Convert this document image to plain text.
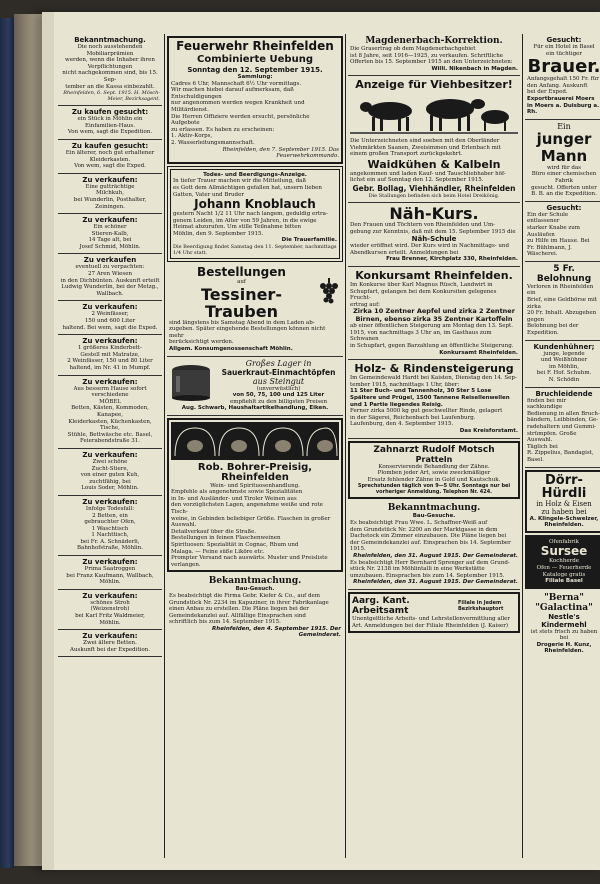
Bekanntmachung.
Die noch ausstehenden
Mobiliarprämien
werden, wenn die Inhaber ihren Verpflichtungen
nicht nachgekommen sind, bis 15. Sep-
tember an die Kassa einbezahlt.
Rheinfelden, 6. Sept. 1915. H. Mösch-Meier, Bezirksagent.
Zu kaufen gesucht:
ein Stück in Möhlin ein
Einfamilien-Haus.
Von wem, sagt die Expedition.
Zu kaufen gesucht:
Ein älterer, noch gut erhaltener
Kleiderkasten.
Von wem, sagt die Exped.
Zu verkaufen:
Eine gutträchtige
Milchkuh,
bei Wunderlin, Posthalter, Zeiningen.
Zu verkaufen:
Ein schöner
Stieren-Kalb,
14 Tage alt, bei
Josef Schmid, Möhlin.
Zu verkaufen
eventuell zu verpachten:
27 Aren Wiesen
in den Dichbünten. Auskunft erteilt
Ludwig Wunderlin, bei der Metzg.,
Wallbach.
Zu verkaufen:
2 Weinfässer,
150 und 600 Liter
haltend. Bei wem, sagt die Exped.
Zu verkaufen:
1 größeres Kinderbett-
Gestell mit Matratze,
2 Weinfässer, 150 und 80 Liter
haltend, im Nr. 41 in Mumpf.
Zu verkaufen:
Aus besserm Hause sofort
verschiedene
MÖBEL
Betten, Kästen, Kommoden, Kanapee,
Kleiderkasten, Küchenkasten, Tische,
Stühle, Bettwäsche etc. Basel,
Feierabendstraße 31.
Zu verkaufen:
Zwei schöne
Zucht-Stiere,
von einer guten Kuh,
zuchtfähig, bei
Louis Soder, Möhlin.
Zu verkaufen:
Infolge Todesfall:
2 Betten, ein
gebrauchter Ofen,
1 Waschtisch
1 Nachttisch,
bei Fr. A. Schnäderli,
Bahnhofstraße, Möhlin.
Zu verkaufen:
Prima Saatroggen
bei Franz Kaufmann, Wallbach,
Möhlin.
Zu verkaufen:
schönes Stroh
(Weizenstroh)
bei Karl Fritz Waldmeier,
Möhlin.
Zu verkaufen:
Zwei ältere Betten.
Auskunft bei der Expedition.
Feuerwehr Rheinfelden
Combinierte Uebung
Sonntag den 12. September 1915.
Sammlung:
Cadres 6 Uhr, Mannschaft 6½ Uhr vormittags.
Wir machen hiebei darauf aufmerksam, daß Entschuldigungen
nur angenommen werden wegen Krankheit und Militärdienst.
Die Herren Offiziere werden ersucht, persönliche Aufgebote
zu erlassen. Es haben zu erscheinen:
1. Aktiv-Korps,
2. Wasserleitungsmannschaft.
Rheinfelden, den 7. September 1915. Das Feuerwehrkommando.
Todes- und Beerdigungs-Anzeige.
In tiefer Trauer machen wir die Mitteilung, daß
es Gott dem Allmächtigen gefallen hat, unsern lieben
Gatten, Vater und Bruder
Johann Knoblauch
gestern Nacht 1/2 11 Uhr nach langem, geduldig ertra-
genem Leiden, im Alter von 59 Jahren, in die ewige
Heimat abzurufen. Um stille Teilnahme bitten
Möhlin, den 9. September 1915.
Die Trauerfamilie.
Die Beerdigung findet Samstag den 11. September, nachmittags 1/4 Uhr statt.
Bestellungen
auf
Tessiner-Trauben
sind längstens bis Samstag Abend in dem Laden ab-
zugeben. Später eingehende Bestellungen können nicht mehr
berücksichtigt werden.
Allgem. Konsumgenossenschaft Möhlin.
Großes Lager in
Sauerkraut-Einmachtöpfen
aus Steingut
(unverwüstlich)
von 50, 75, 100 und 125 Liter
empfiehlt zu den billigsten Preisen
Aug. Schwarb, Haushaltartikelhandlung, Eiken.
Rob. Bohrer-Preisig, Rheinfelden
Wein- und Spirituosenhandlung.
Empfehle als angenehmste sowie Spezialitäten
in In- und Ausländer- und Tiroler Weinen aus
den vorzüglichsten Lagen, angenehme weiße und rote Tisch-
weine, in Gebinden beliebiger Größe. Flaschen in großer
Auswahl.
Detailverkauf über die Straße.
Bestellungen in feinen Flaschenweinen
Spirituosen: Spezialität in Cognac, Rhum und
Malaga. — Feine süße Liköre etc.
Prompter Versand nach auswärts. Muster und Preisliste
verlangen.
Bekanntmachung.
Bau-Gesuch.
Es beabsichtigt die Firma Gebr. Kiefer & Co., auf dem
Grundstück Nr. 2234 im Kapuziner, in ihrer Fabrikanlage
einen Anbau zu erstellen. Die Pläne liegen bei der
Gemeindekanzlei auf. Allfällige Einsprachen sind
schriftlich bis zum 14. September 1915.
Rheinfelden, den 4. September 1915. Der Gemeinderat.
Magdenerbach-Korrektion.
Die Grasertrag ob dem Magdenerbachgebiet
ist 8 Jahre, seit 1916—1925, zu verkaufen. Schriftliche
Offerten bis 15. September 1915 an den Unterzeichneten:
Willi. Nikenbach in Magden.
Anzeige für Viehbesitzer!
Die Unterzeichneten sind soeben mit den Oberländer
Viehmärkten Saanen, Zweisimmen und Erlenbach mit
einem großen Transport zurückgekehrt.
Waidkühen & Kalbeln
angekommen und laden Kauf- und Tauschliebhaber höf-
lichst ein auf Sonntag den 12. September 1915.
Gebr. Bollag, Viehhändler, Rheinfelden
Die Stallungen befinden sich beim Hotel Dreikönig.
Näh-Kurs.
Den Frauen und Töchtern von Rheinfelden und Um-
gebung zur Kenntnis, daß mit dem 15. September 1915 die
Näh-Schule
wieder eröffnet wird. Der Kurs wird in Nachmittags- und
Abendkursen erteilt. Anmeldungen bei
Frau Brenner, Kirchplatz 330, Rheinfelden.
Konkursamt Rheinfelden.
Im Konkurse über Karl Magnus Rüsch, Landwirt in
Schupfart, gelangen bei dem Konkursiten gelegenes Frucht-
ertrag auf:
Zirka 10 Zentner Aepfel und zirka 2 Zentner Birnen, ebenso zirka 35 Zentner Kartoffeln
ab einer öffentlichen Steigerung am Montag den 13. Sept.
1915, von nachmittags 3 Uhr an, im Gasthaus zum Schwanen
in Schupfart, gegen Barzahlung an öffentliche Steigerung.
Konkursamt Rheinfelden.
Holz- & Rindensteigerung
Im Gemeindewald Hardt bei Kaisten, Dienstag den 14. Sep-
tember 1915, nachmittags 1 Uhr, über:
11 Ster Buch- und Tannenholz, 30 Ster 5 Lose Spältere und Prügel, 1500 Tannene Reisellenwellen und 1 Partie liegendes Reisig.
Ferner zirka 5000 kg gut geschwellter Rinde, gelagert
in der Sägerei, Reichenbach bei Laufenburg.
Laufenburg, den 4. September 1915.
Das Kreisforstamt.
Zahnarzt Rudolf Motsch
Pratteln
Konservierende Behandlung der Zähne.
Plomben jeder Art, sowie zweckmäßiger
Ersatz fehlender Zähne in Gold und Kautschuk.
Sprechstunden täglich von 9—5 Uhr. Sonntags nur bei vorheriger Anmeldung. Telephon Nr. 424.
Bekanntmachung.
Bau-Gesuche.
Es beabsichtigt Frau Wwe. L. Schaffner-Weiß auf
dem Grundstück Nr. 2200 an der Marktgasse in dem
Dachstock ein Zimmer einzubauen. Die Pläne liegen bei
der Gemeindekanzlei auf. Einsprachen bis 14. September 1915.
Rheinfelden, den 31. August 1915. Der Gemeinderat.
Es beabsichtigt Herr Bernhard Sprenger auf dem Grund-
stück Nr. 2138 im Möhlintalli in eine Werkstätte
umzubauen. Einsprachen bis zum 14. September 1915.
Rheinfelden, den 31. August 1915. Der Gemeinderat.
Aarg. Kant. Arbeitsamt
Filiale in Jedem Bezirkshauptort
Unentgeltliche Arbeits- und Lehrstellenvermittlung aller
Art. Anmeldungen bei der Filiale Rheinfelden (J. Kaiser)
Gesucht:
Für ein Hotel in Basel
ein tüchtiger
Brauer.
Anfangsgehalt 150 Fr. für
den Anfang. Auskunft
bei der Exped.
Exportbrauerei Moers in Moers a. Duisburg a. Rh.
Ein
junger Mann
wird für das
Büro einer chemischen Fabrik
gesucht. Offerten unter
B. B. an die Expedition.
Gesucht:
Ein der Schule entlassener
starker Knabe zum Ausläufen
zu Hilfe im Hause. Bei
Fr. Bühlmann, J. Wäscherei.
5 Fr. Belohnung
Verloren in Rheinfelden ein
Brief, eine Geldbörse mit zirka
20 Fr. Inhalt. Abzugeben gegen
Belohnung bei der Expedition.
Kundenhühner;
junge, legende
und Weißhühner
im Möhlin,
bei F. Hof. Schuhm.
N. Schödin
Bruchleidende
finden bei mir sachkundige
Bedienung in allen Bruch-
bändern, Leibbinden, Ge-
radehaltern und Gummi-
strümpfen. Große Auswahl.
Täglich bei
R. Zippelius, Bandagist, Basel.
Dörr-Hürdli
in Holz & Eisen
zu haben bei
A. Klingele-Schwelzer, Rheinfelden.
Ofenfabrik
Sursee
Kochherde
Ofen — Feuerherde
Kataloge gratis
Filiale Basel
"Berna"
"Galactina"
Nestle's Kindermehl
ist stets frisch zu haben bei
Drogerie H. Kunz, Rheinfelden.
